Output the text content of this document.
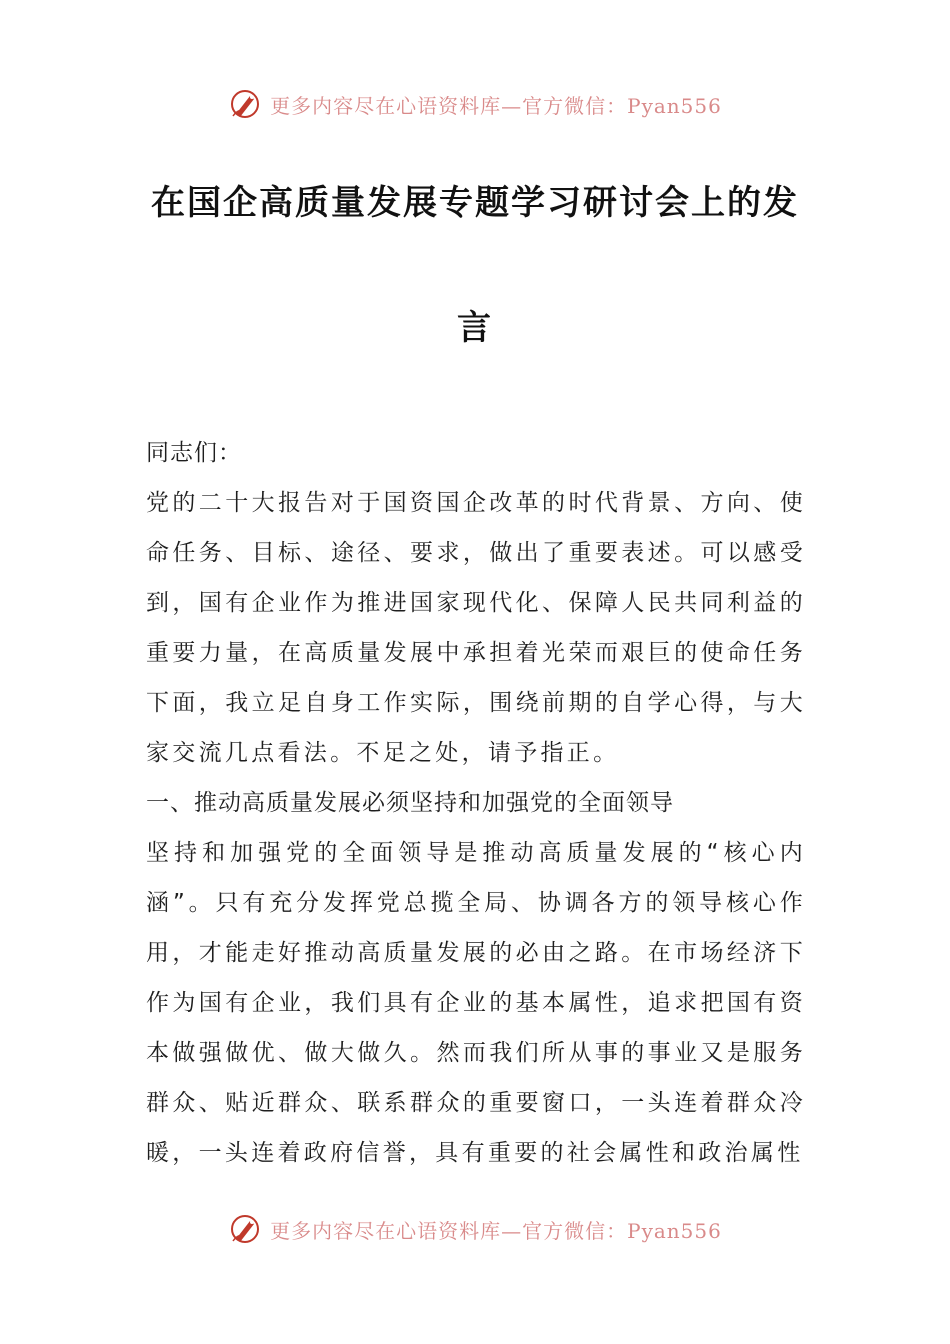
更多内容尽在心语资料库—官方微信：Pyan556
在国企高质量发展专题学习研讨会上的发
言

同志们：

党的二十大报告对于国资国企改革的时代背景、方向、使命任务、目标、途径、要求，做出了重要表述。可以感受到，国有企业作为推进国家现代化、保障人民共同利益的重要力量，在高质量发展中承担着光荣而艰巨的使命任务下面，我立足自身工作实际，围绕前期的自学心得，与大家交流几点看法。不足之处，请予指正。

一、推动高质量发展必须坚持和加强党的全面领导

坚持和加强党的全面领导是推动高质量发展的“核心内涵”。只有充分发挥党总揽全局、协调各方的领导核心作用，才能走好推动高质量发展的必由之路。在市场经济下作为国有企业，我们具有企业的基本属性，追求把国有资本做强做优、做大做久。然而我们所从事的事业又是服务群众、贴近群众、联系群众的重要窗口，一头连着群众冷暖，一头连着政府信誉，具有重要的社会属性和政治属性

更多内容尽在心语资料库—官方微信：Pyan556
